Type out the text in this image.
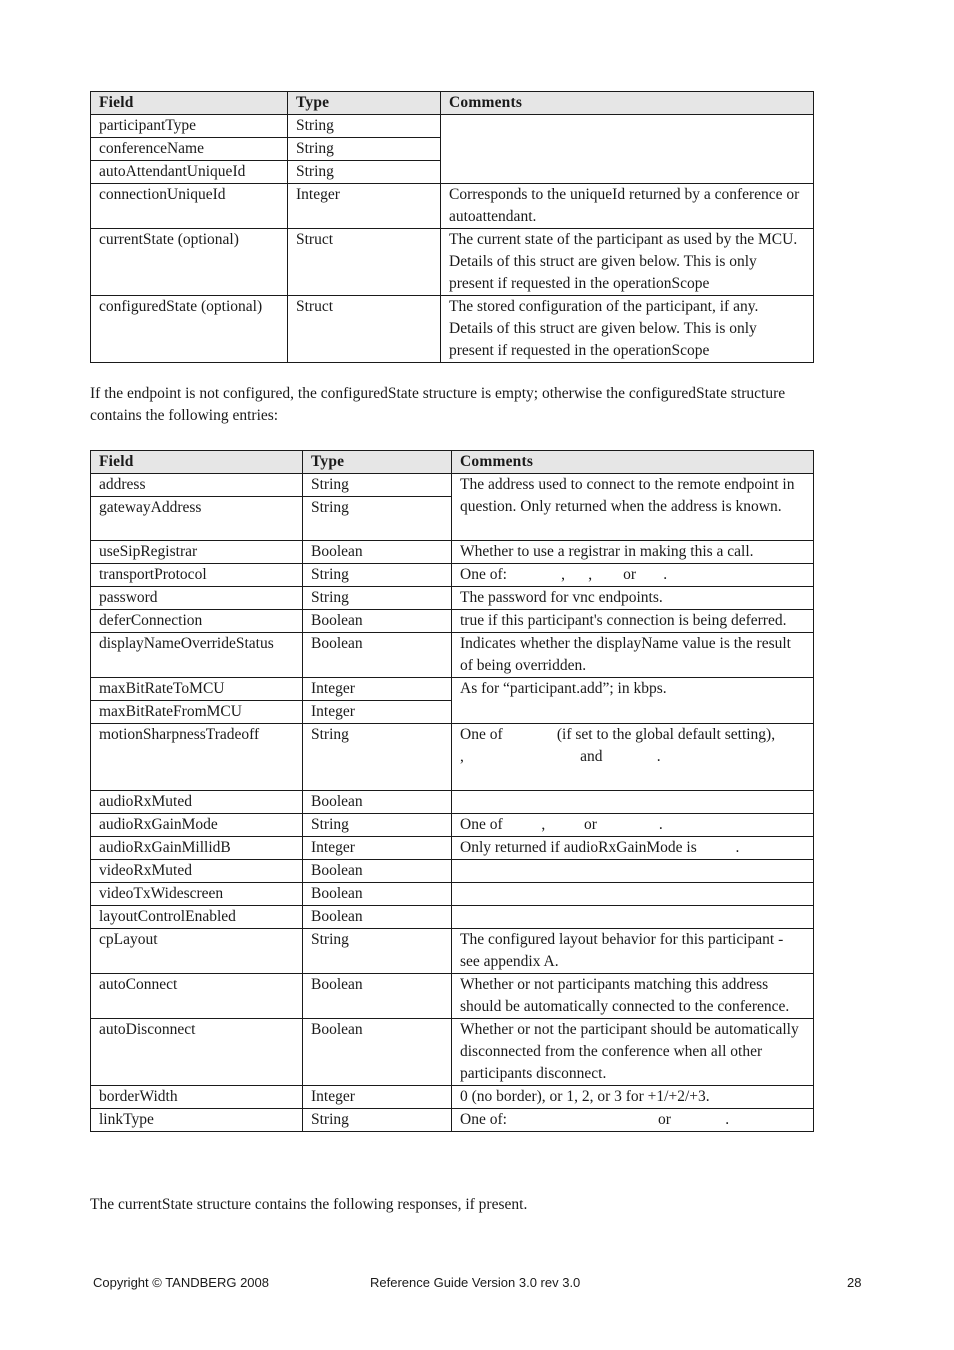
Field	Type	Comments
participantType	String	
conferenceName	String	
autoAttendantUniqueId	String	
connectionUniqueId	Integer	Corresponds to the uniqueId returned by a conference or autoattendant.
currentState (optional)	Struct	The current state of the participant as used by the MCU. Details of this struct are given below. This is only present if requested in the operationScope
configuredState (optional)	Struct	The stored configuration of the participant, if any. Details of this struct are given below. This is only present if requested in the operationScope

If the endpoint is not configured, the configuredState structure is empty; otherwise the configuredState structure contains the following entries:

Field	Type	Comments
address	String	The address used to connect to the remote endpoint in question. Only returned when the address is known.
gatewayAddress	String	
useSipRegistrar	Boolean	Whether to use a registrar in making this a call.
transportProtocol	String	One of:              ,      ,        or       .
password	String	The password for vnc endpoints.
deferConnection	Boolean	true if this participant's connection is being deferred.
displayNameOverrideStatus	Boolean	Indicates whether the displayName value is the result of being overridden.
maxBitRateToMCU	Integer	As for “participant.add”; in kbps.
maxBitRateFromMCU	Integer	
motionSharpnessTradeoff	String	One of              (if set to the global default setting),                       ,                              and              .
audioRxMuted	Boolean	
audioRxGainMode	String	One of          ,          or                .
audioRxGainMillidB	Integer	Only returned if audioRxGainMode is          .
videoRxMuted	Boolean	
videoTxWidescreen	Boolean	
layoutControlEnabled	Boolean	
cpLayout	String	The configured layout behavior for this participant - see appendix A.
autoConnect	Boolean	Whether or not participants matching this address should be automatically connected to the conference.
autoDisconnect	Boolean	Whether or not the participant should be automatically disconnected from the conference when all other participants disconnect.
borderWidth	Integer	0 (no border), or 1, 2, or 3 for +1/+2/+3.
linkType	String	One of:                                       or              .

The currentState structure contains the following responses, if present.

Copyright © TANDBERG 2008	Reference Guide Version 3.0 rev 3.0	28
